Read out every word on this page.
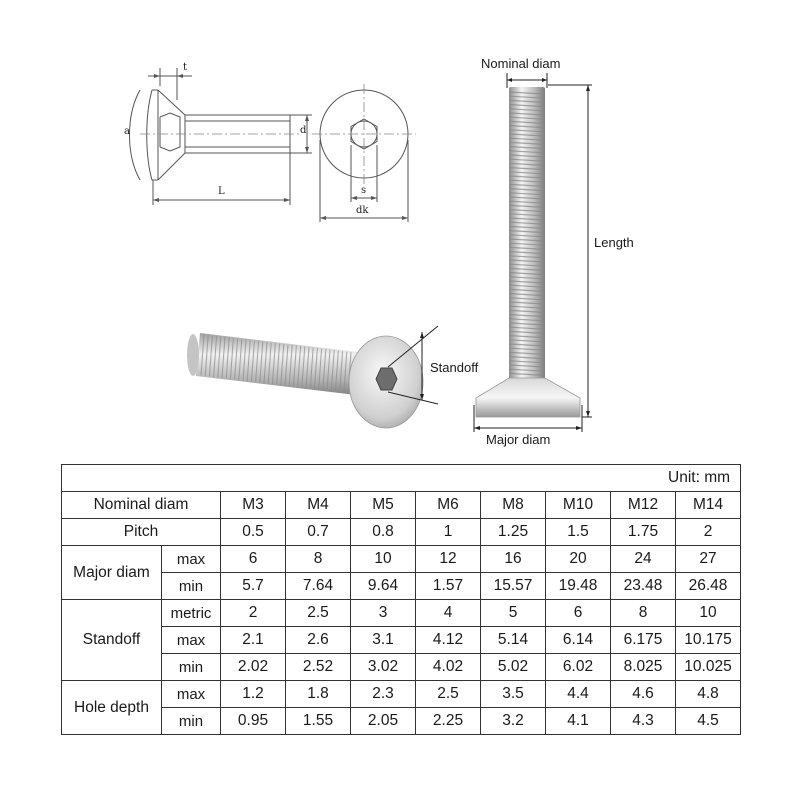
t
a	d
L	s
dk
Nominal diam
Length
Standoff
Major diam
Unit: mm									
Nominal diam		M3	M4	M5	M6	M8	M10	M12	M14
Pitch		0.5	0.7	0.8	1	1.25	1.5	1.75	2
Major diam	max	6	8	10	12	16	20	24	27
	min	5.7	7.64	9.64	1.57	15.57	19.48	23.48	26.48
Standoff	metric	2	2.5	3	4	5	6	8	10
	max	2.1	2.6	3.1	4.12	5.14	6.14	6.175	10.175
	min	2.02	2.52	3.02	4.02	5.02	6.02	8.025	10.025
Hole depth	max	1.2	1.8	2.3	2.5	3.5	4.4	4.6	4.8
	min	0.95	1.55	2.05	2.25	3.2	4.1	4.3	4.5
